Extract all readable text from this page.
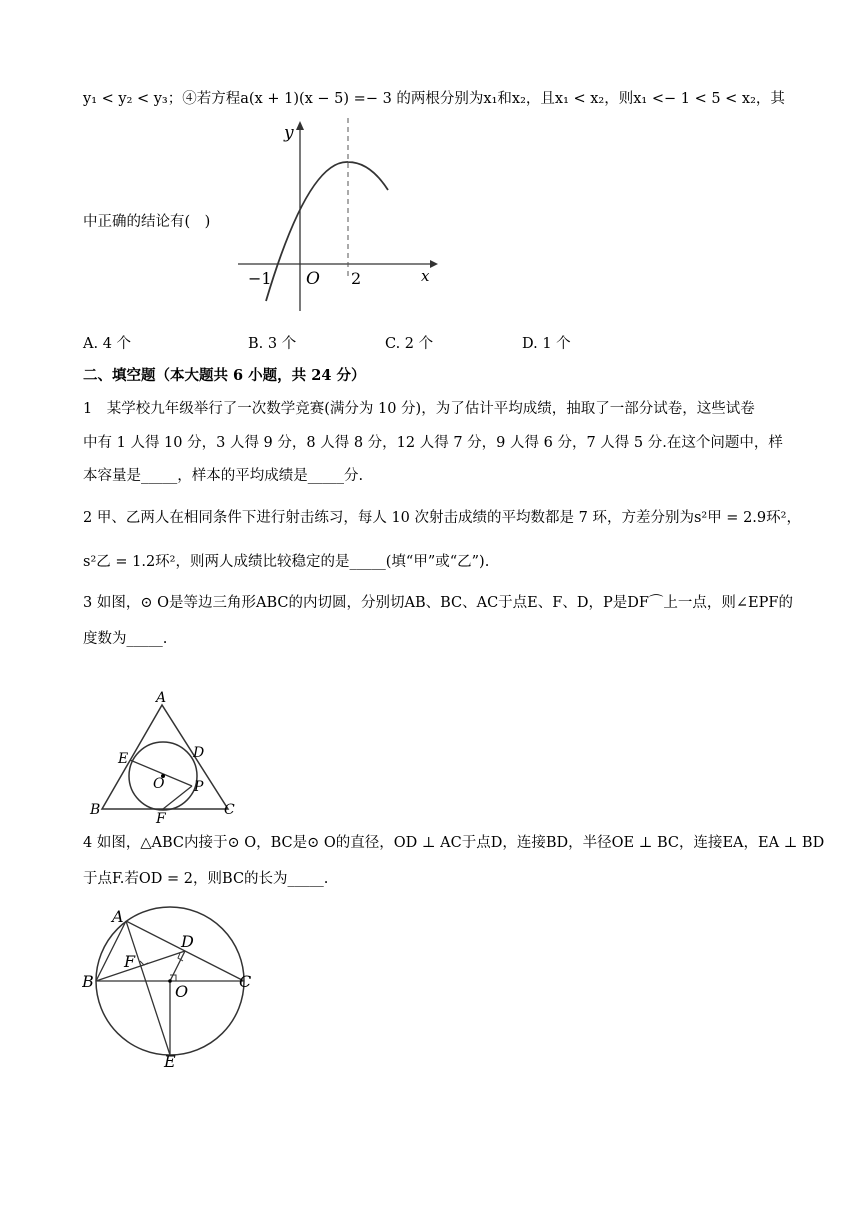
y₁ < y₂ < y₃；④若方程a(x + 1)(x − 5) =− 3 的两根分别为x₁和x₂，且x₁ < x₂，则x₁ <− 1 < 5 < x₂，其
y
x
−1 O 2
中正确的结论有(　)
A. 4 个	B. 3 个	C. 2 个	D. 1 个
二、填空题（本大题共 6 小题，共 24 分）
1　某学校九年级举行了一次数学竞赛(满分为 10 分)，为了估计平均成绩，抽取了一部分试卷，这些试卷
中有 1 人得 10 分，3 人得 9 分，8 人得 8 分，12 人得 7 分，9 人得 6 分，7 人得 5 分.在这个问题中，样
本容量是_____，样本的平均成绩是_____分.
2 甲、乙两人在相同条件下进行射击练习，每人 10 次射击成绩的平均数都是 7 环，方差分别为s²甲 = 2.9环²，
s²乙 = 1.2环²，则两人成绩比较稳定的是_____(填“甲”或“乙”).
3 如图，⊙ O是等边三角形ABC的内切圆，分别切AB、BC、AC于点E、F、D，P是DF⌒上一点，则∠EPF的
度数为_____.
A
E	D
O P
B
F
C
4 如图，△ABC内接于⊙ O，BC是⊙ O的直径，OD ⊥ AC于点D，连接BD，半径OE ⊥ BC，连接EA，EA ⊥ BD
于点F.若OD = 2，则BC的长为_____.
A
D
F
B	C
O
E
